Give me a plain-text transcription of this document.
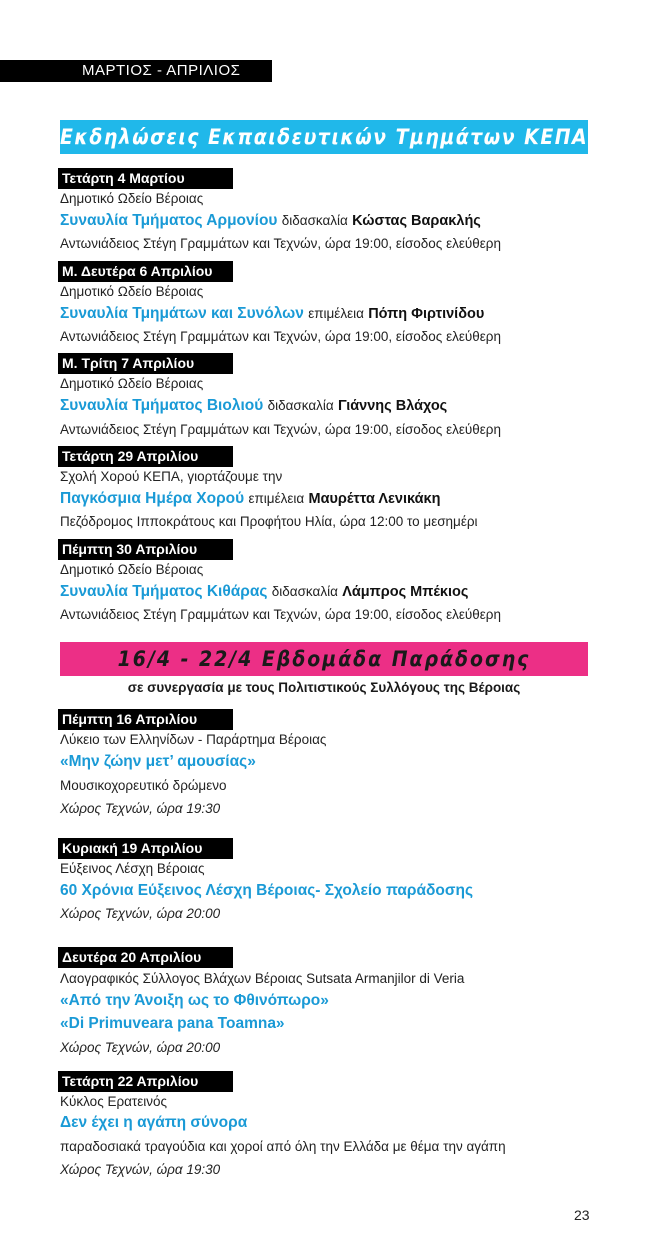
ΜΑΡΤΙΟΣ - ΑΠΡΙΛΙΟΣ
Εκδηλώσεις Εκπαιδευτικών Τμημάτων ΚΕΠΑ
Τετάρτη 4 Μαρτίου
Δημοτικό Ωδείο Βέροιας
Συναυλία Τμήματος Αρμονίου διδασκαλία Κώστας Βαρακλής
Αντωνιάδειος Στέγη Γραμμάτων και Τεχνών, ώρα 19:00, είσοδος ελεύθερη
Μ. Δευτέρα 6 Απριλίου
Δημοτικό Ωδείο Βέροιας
Συναυλία Τμημάτων και Συνόλων επιμέλεια Πόπη Φιρτινίδου
Αντωνιάδειος Στέγη Γραμμάτων και Τεχνών, ώρα 19:00, είσοδος ελεύθερη
Μ. Τρίτη 7 Απριλίου
Δημοτικό Ωδείο Βέροιας
Συναυλία Τμήματος Βιολιού διδασκαλία Γιάννης Βλάχος
Αντωνιάδειος Στέγη Γραμμάτων και Τεχνών, ώρα 19:00, είσοδος ελεύθερη
Τετάρτη 29 Απριλίου
Σχολή Χορού ΚΕΠΑ, γιορτάζουμε την
Παγκόσμια Ημέρα Χορού επιμέλεια Μαυρέττα Λενικάκη
Πεζόδρομος Ιπποκράτους και Προφήτου Ηλία, ώρα 12:00 το μεσημέρι
Πέμπτη 30 Απριλίου
Δημοτικό Ωδείο Βέροιας
Συναυλία Τμήματος Κιθάρας διδασκαλία Λάμπρος Μπέκιος
Αντωνιάδειος Στέγη Γραμμάτων και Τεχνών, ώρα 19:00, είσοδος ελεύθερη
16/4 - 22/4 Εβδομάδα Παράδοσης
σε συνεργασία με τους Πολιτιστικούς Συλλόγους της Βέροιας
Πέμπτη 16 Απριλίου
Λύκειο των Ελληνίδων - Παράρτημα Βέροιας
«Μην ζώην μετ’ αμουσίας»
Μουσικοχορευτικό δρώμενο
Χώρος Τεχνών, ώρα 19:30
Κυριακή 19 Απριλίου
Εύξεινος Λέσχη Βέροιας
60 Χρόνια Εύξεινος Λέσχη Βέροιας- Σχολείο παράδοσης
Χώρος Τεχνών, ώρα 20:00
Δευτέρα 20 Απριλίου
Λαογραφικός Σύλλογος Βλάχων Βέροιας Sutsata Armanjilor di Veria
«Από την Άνοιξη ως το Φθινόπωρο»
«Di Primuveara pana Toamna»
Χώρος Τεχνών, ώρα 20:00
Τετάρτη 22 Απριλίου
Κύκλος Ερατεινός
Δεν έχει η αγάπη σύνορα
παραδοσιακά τραγούδια και χοροί από όλη την Ελλάδα με θέμα την αγάπη
Χώρος Τεχνών, ώρα 19:30
23
